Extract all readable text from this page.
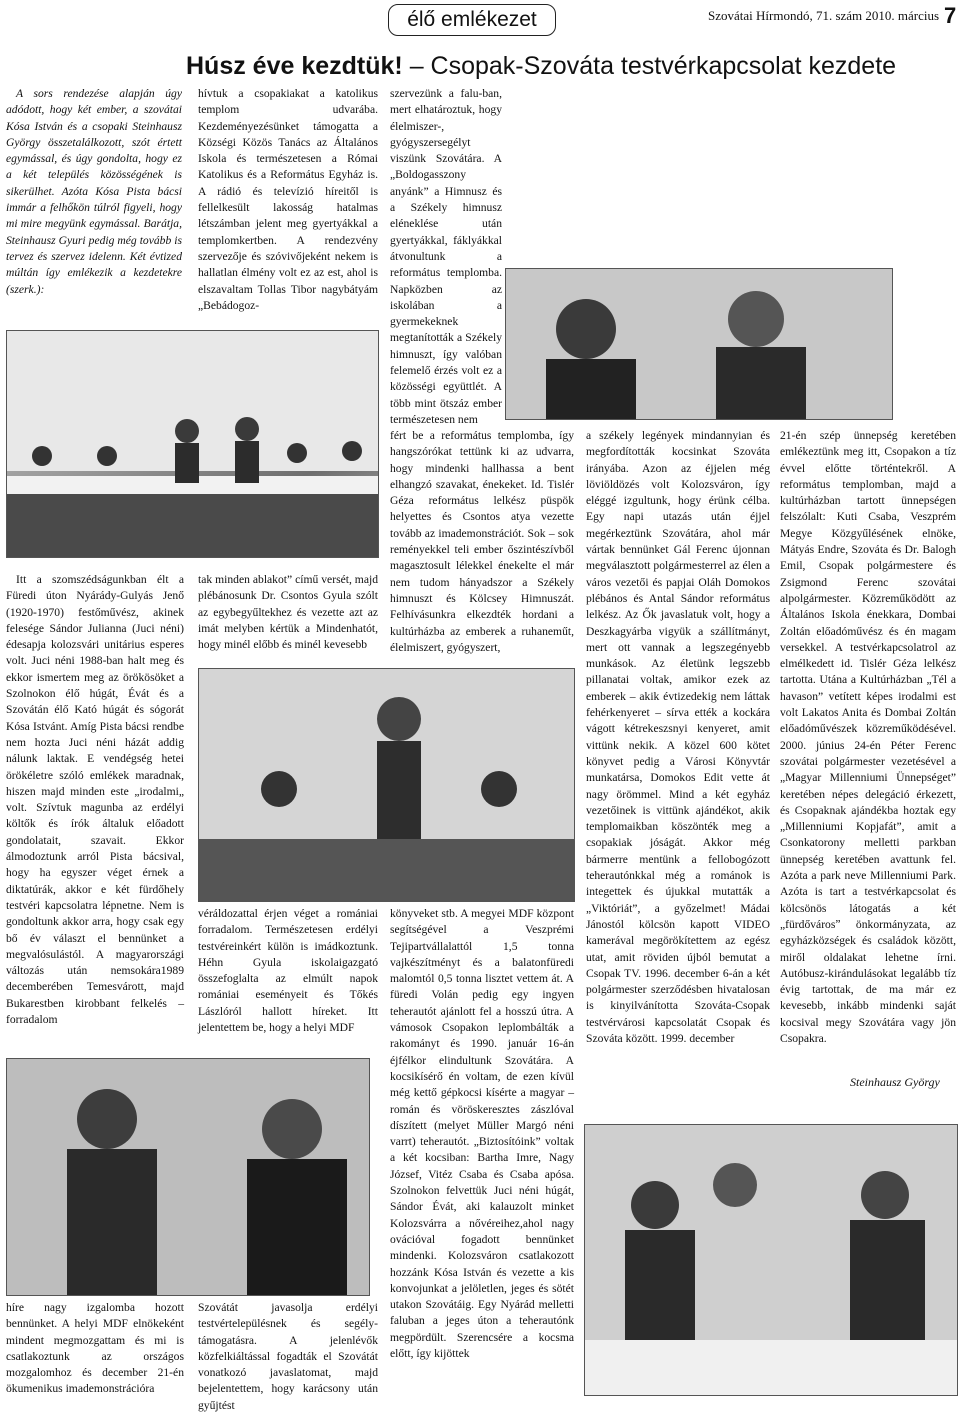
élő emlékezet	Szovátai Hírmondó, 71. szám 2010. március 7
Húsz éve kezdtük! – Csopak-Szováta testvérkapcsolat kezdete

A sors rendezése alapján úgy adódott, hogy két ember, a szovátai Kósa István és a csopaki Steinhausz György összetalálkozott, szót értett egymással, és úgy gondolta, hogy ez a két település közösségének is sikerülhet. Azóta Kósa Pista bácsi immár a felhőkön túlról figyeli, hogy mi mire megyünk egymással. Barátja, Steinhausz Gyuri pedig még tovább is tervez és szervez idelenn. Két évtized múltán így emlékezik a kezdetekre (szerk.):

Itt a szomszédságunkban élt a Füredi úton Nyárády-Gulyás Jenő (1920-1970) festőművész, akinek felesége Sándor Julianna (Juci néni) édesapja kolozsvári unitárius esperes volt. Juci néni 1988-ban halt meg és ekkor ismertem meg az örökösöket a Szolnokon élő húgát, Évát és a Szovátán élő Kató húgát és sógorát Kósa Istvánt. Amíg Pista bácsi rendbe nem hozta Juci néni házát addig nálunk laktak. E vendégség hetei örökéletre szóló emlékek maradnak, hiszen majd minden este „irodalmi„ volt. Szívtuk magunba az erdélyi költők és írók általuk előadott gondolatait, szavait. Ekkor álmodoztunk arról Pista bácsival, hogy ha egyszer véget érnek a diktatúrák, akkor e két fürdőhely testvéri kapcsolatra lépnetne. Nem is gondoltunk akkor arra, hogy csak egy bő év választ el bennünket a megvalósulástól. A magyarországi változás után nemsokára1989 decemberében Temesvárott, majd Bukarestben kirobbant felkelés – forradalom

híre nagy izgalomba hozott bennünket. A helyi MDF elnökeként mindent megmozgattam és mi is csatlakoztunk az országos mozgalomhoz és december 21-én ökumenikus imademonstrációra

hívtuk a csopakiakat a katolikus templom udvarába. Kezdeményezésünket támogatta a Községi Közös Tanács az Általános Iskola és természetesen a Római Katolikus és a Református Egyház is. A rádió és televízió híreitől is fellelkesült lakosság hatalmas létszámban jelent meg gyertyákkal a templomkertben. A rendezvény szervezője és szóvivőjeként nekem is hallatlan élmény volt ez az est, ahol is elszavaltam Tollas Tibor nagybátyám „Bebádogoz-

tak minden ablakot” című versét, majd plébánosunk Dr. Csontos Gyula szólt az egybegyűltekhez és vezette azt az imát melyben kértük a Mindenhatót, hogy minél előbb és minél kevesebb

véráldozattal érjen véget a romániai forradalom. Természetesen erdélyi testvéreinkért külön is imádkoztunk. Héhn Gyula iskolaigazgató összefoglalta az elmúlt napok romániai eseményeit és Tőkés Lászlóról hallott híreket. Itt jelentettem be, hogy a helyi MDF

Szovátát javasolja erdélyi testvértelepülésnek és segély-támogatásra. A jelenlévők közfelkiáltással fogadták el Szovátát vonatkozó javaslatomat, majd bejelentettem, hogy karácsony után gyűjtést

szervezünk a falu-ban, mert elhatároztuk, hogy élelmiszer-, gyógyszersegélyt viszünk Szovátára. A „Boldogasszony anyánk” a Himnusz és a Székely himnusz eléneklése után gyertyákkal, fáklyákkal átvonultunk a református templomba. Napközben az iskolában a gyermekeknek megtanították a Székely himnuszt, így valóban felemelő érzés volt ez a közösségi együttlét. A több mint ötszáz ember természetesen nem

fért be a református templomba, így hangszórókat tettünk ki az udvarra, hogy mindenki hallhassa a bent elhangzó szavakat, énekeket. Id. Tislér Géza református lelkész püspök helyettes és Csontos atya vezette tovább az imademonstrációt. Sok – sok reményekkel teli ember őszintészívből magasztosult lélekkel énekelte el már nem tudom hányadszor a Székely himnuszt és Kölcsey Himnuszát. Felhívásunkra elkezdték hordani a kultúrházba az emberek a ruhaneműt, élelmiszert, gyógyszert,

könyveket stb. A megyei MDF központ segítségével a Veszprémi Tejipartvállalattól 1,5 tonna vajkészítményt és a balatonfüredi malomtól 0,5 tonna lisztet vettem át. A füredi Volán pedig egy ingyen teherautót ajánlott fel a hosszú útra. A vámosok Csopakon leplombálták a rakományt és 1990. január 16-án éjfélkor elindultunk Szovátára. A kocsikísérő én voltam, de ezen kívül még kettő gépkocsi kísérte a magyar – román és vöröskeresztes zászlóval díszített (melyet Müller Margó néni varrt) teherautót. „Biztosítóink” voltak a két kocsiban: Bartha Imre, Nagy József, Vitéz Csaba és Csaba apósa. Szolnokon felvettük Juci néni húgát, Sándor Évát, aki kalauzolt minket Kolozsvárra a nővéreihez,ahol nagy ovációval fogadott bennünket mindenki. Kolozsváron csatlakozott hozzánk Kósa István és vezette a kis konvojunkat a jelöletlen, jeges és sötét utakon Szovátáig. Egy Nyárád melletti faluban a jeges úton a teherautónk megpördült. Szerencsére a kocsma előtt, így kijöttek

a székely legények mindannyian és megfordították kocsinkat Szováta irányába. Azon az éjjelen még löviöldözés volt Kolozsváron, így eléggé izgultunk, hogy érünk célba. Egy napi utazás után éjjel megérkeztünk Szovátára, ahol már vártak bennünket Gál Ferenc újonnan megválasztott polgármesterrel az élen a város vezetői és papjai Oláh Domokos plébános és Antal Sándor református lelkész. Az Ők javaslatuk volt, hogy a Deszkagyárba vigyük a szállítmányt, mert ott vannak a legszegényebb munkások. Az életünk legszebb pillanatai voltak, amikor ezek az emberek – akik évtizedekig nem láttak fehérkenyeret – sírva ették a kockára vágott kétrekeszsnyi kenyeret, amit vittünk nekik. A közel 600 kötet könyvet pedig a Városi Könyvtár munkatársa, Domokos Edit vette át nagy örömmel. Mind a két egyház vezetőinek is vittünk ajándékot, akik templomaikban köszönték meg a csopakiak jóságát. Akkor még bármerre mentünk a fellobogózott teherautónkkal még a románok is integettek és újukkal mutatták a „Viktóriát”, a győzelmet! Mádai Jánostól kölcsön kapott VIDEO kamerával megörökítettem az egész utat, amit röviden újból bemutat a Csopak TV. 1996. december 6-án a két polgármester szerződésben hivatalosan is kinyilvánította Szováta-Csopak testvérvárosi kapcsolatát Csopak és Szováta között. 1999. december

21-én szép ünnepség keretében emlékeztünk meg itt, Csopakon a tíz évvel előtte történtekről. A református templomban, majd a kultúrházban tartott ünnepségen felszólalt: Kuti Csaba, Veszprém Megye Közgyűlésének elnöke, Mátyás Endre, Szováta és Dr. Balogh Emil, Csopak polgármestere és Zsigmond Ferenc szovátai alpolgármester. Közreműködött az Általános Iskola énekkara, Dombai Zoltán előadóművész és én magam versekkel. A testvérkapcsolatrol az elmélkedett id. Tislér Géza lelkész tartotta. Utána a Kultúrházban „Tél a havason” vetített képes irodalmi est volt Lakatos Anita és Dombai Zoltán előadóművészek közreműködésével. 2000. június 24-én Péter Ferenc szovátai polgármester vezetésével a „Magyar Millenniumi Ünnepséget” keretében népes delegáció érkezett, és Csopaknak ajándékba hoztak egy „Millenniumi Kopjafát”, amit a Csonkatorony melletti parkban ünnepség keretében avattunk fel. Azóta a park neve Millenniumi Park. Azóta is tart a testvérkapcsolat és kölcsönös látogatás a két „fürdővárosˮ önkormányzata, az egyházközségek és családok között, miről oldalakat lehetne írni. Autóbusz-kirándulásokat legalább tíz évig tartottak, de ma már ez kevesebb, inkább mindenki saját kocsival megy Szovátára vagy jön Csopakra.

Steinhausz György
